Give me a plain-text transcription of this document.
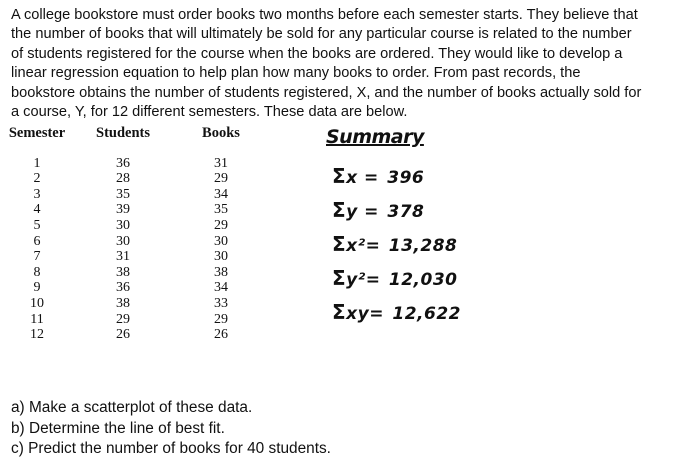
A college bookstore must order books two months before each semester starts. They believe that
the number of books that will ultimately be sold for any particular course is related to the number
of students registered for the course when the books are ordered. They would like to develop a
linear regression equation to help plan how many books to order. From past records, the
bookstore obtains the number of students registered, X, and the number of books actually sold for
a course, Y, for 12 different semesters. These data are below.
Semester	Students	Books
1	36	31
2	28	29
3	35	34
4	39	35
5	30	29
6	30	30
7	31	30
8	38	38
9	36	34
10	38	33
11	29	29
12	26	26
Summary
Σx = 396
Σy = 378
Σx²= 13,288
Σy²= 12,030
Σxy= 12,622
a) Make a scatterplot of these data.
b) Determine the line of best fit.
c) Predict the number of books for 40 students.
